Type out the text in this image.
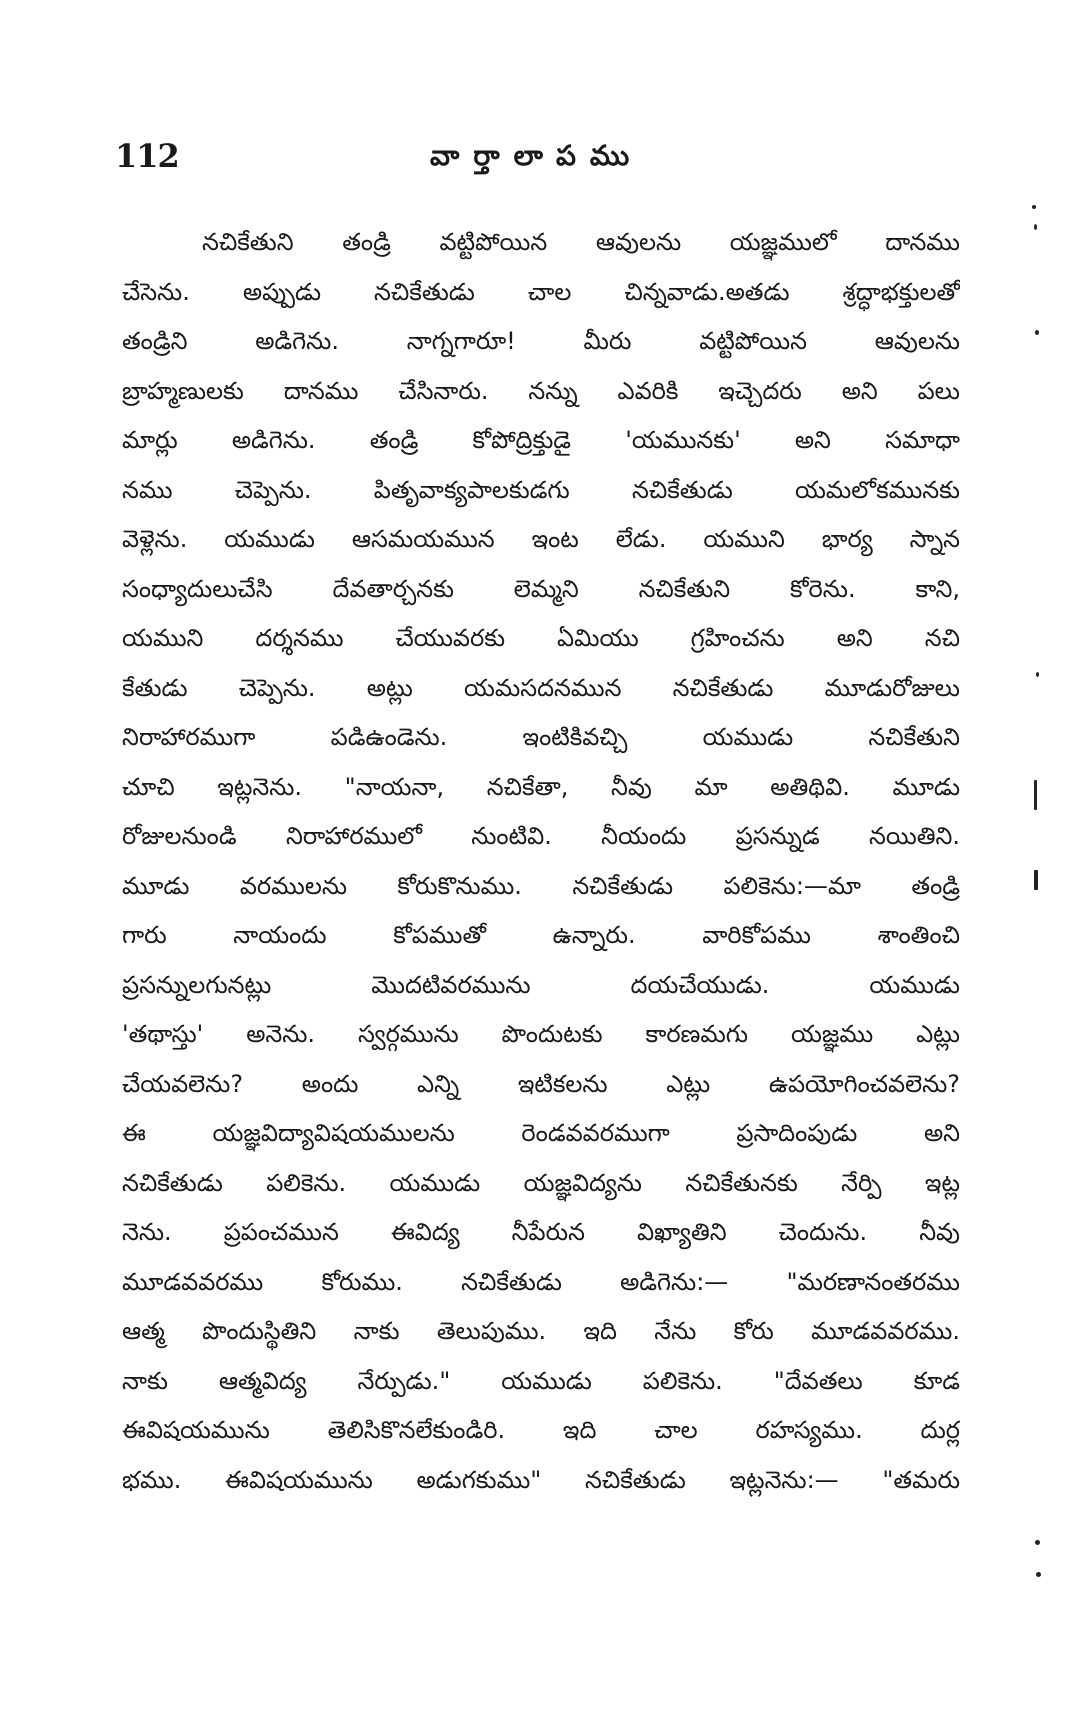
112	వార్తాలాపము
నచికేతుని తండ్రి వట్టిపోయిన ఆవులను యజ్ఞములో దానము
చేసెను. అప్పుడు నచికేతుడు చాల చిన్నవాడు.అతడు శ్రద్ధాభక్తులతో
తండ్రిని అడిగెను. నాగ్నగారూ! మీరు వట్టిపోయిన ఆవులను
బ్రాహ్మణులకు దానము చేసినారు. నన్ను ఎవరికి ఇచ్చెదరు అని పలు
మార్లు అడిగెను. తండ్రి కోపోద్రిక్తుడై 'యమునకు' అని సమాధా
నము చెప్పెను. పితృవాక్యపాలకుడగు నచికేతుడు యమలోకమునకు
వెళ్లెను. యముడు ఆసమయమున ఇంట లేడు. యముని భార్య స్నాన
సంధ్యాదులుచేసి దేవతార్చనకు లెమ్మని నచికేతుని కోరెను. కాని,
యముని దర్శనము చేయువరకు ఏమియు గ్రహించను అని నచి
కేతుడు చెప్పెను. అట్లు యమసదనమున నచికేతుడు మూడురోజులు
నిరాహారముగా పడిఉండెను. ఇంటికివచ్చి యముడు నచికేతుని
చూచి ఇట్లనెను. "నాయనా, నచికేతా, నీవు మా అతిథివి. మూడు
రోజులనుండి నిరాహారములో నుంటివి. నీయందు ప్రసన్నుడ నయితిని.
మూడు వరములను కోరుకొనుము. నచికేతుడు పలికెను:—మా తండ్రి
గారు నాయందు కోపముతో ఉన్నారు. వారికోపము శాంతించి
ప్రసన్నులగునట్లు మొదటివరమును దయచేయుడు. యముడు
'తథాస్తు' అనెను. స్వర్గమును పొందుటకు కారణమగు యజ్ఞము ఎట్లు
చేయవలెను? అందు ఎన్ని ఇటికలను ఎట్లు ఉపయోగించవలెను?
ఈ యజ్ఞవిద్యావిషయములను రెండవవరముగా ప్రసాదింపుడు అని
నచికేతుడు పలికెను. యముడు యజ్ఞవిద్యను నచికేతునకు నేర్పి ఇట్ల
నెను. ప్రపంచమున ఈవిద్య నీపేరున విఖ్యాతిని చెందును. నీవు
మూడవవరము కోరుము. నచికేతుడు అడిగెను:— "మరణానంతరము
ఆత్మ పొందుస్థితిని నాకు తెలుపుము. ఇది నేను కోరు మూడవవరము.
నాకు ఆత్మవిద్య నేర్పుడు." యముడు పలికెను. "దేవతలు కూడ
ఈవిషయమును తెలిసికొనలేకుండిరి. ఇది చాల రహస్యము. దుర్ల
భము. ఈవిషయమును అడుగకుము" నచికేతుడు ఇట్లనెను:— "తమరు
